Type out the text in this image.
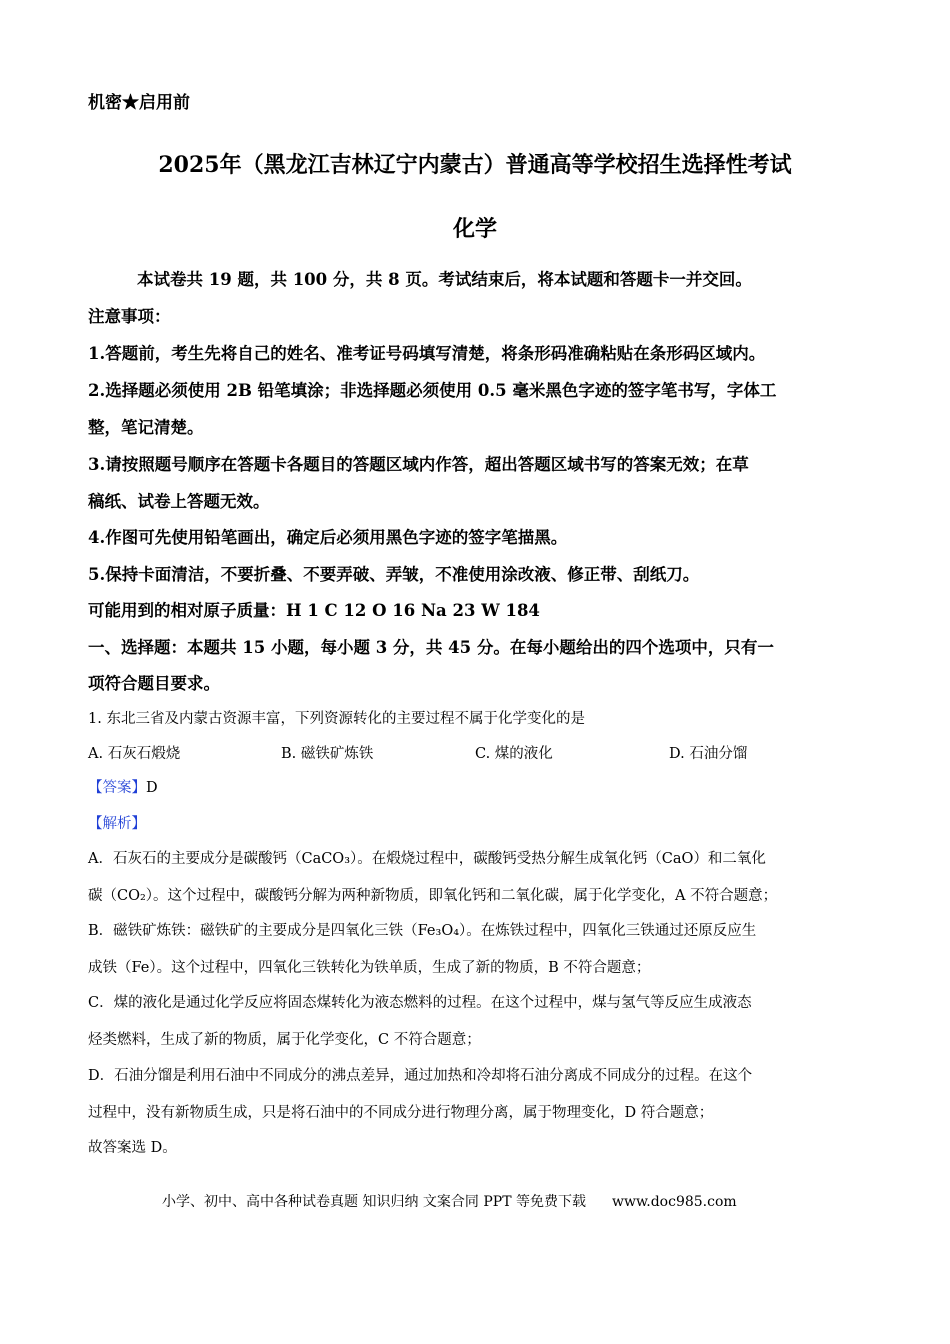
机密★启用前
2025年（黑龙江吉林辽宁内蒙古）普通高等学校招生选择性考试
化学
本试卷共 19 题，共 100 分，共 8 页。考试结束后，将本试题和答题卡一并交回。
注意事项：
1.答题前，考生先将自己的姓名、准考证号码填写清楚，将条形码准确粘贴在条形码区域内。
2.选择题必须使用 2B 铅笔填涂；非选择题必须使用 0.5 毫米黑色字迹的签字笔书写，字体工
整，笔记清楚。
3.请按照题号顺序在答题卡各题目的答题区域内作答，超出答题区域书写的答案无效；在草
稿纸、试卷上答题无效。
4.作图可先使用铅笔画出，确定后必须用黑色字迹的签字笔描黑。
5.保持卡面清洁，不要折叠、不要弄破、弄皱，不准使用涂改液、修正带、刮纸刀。
可能用到的相对原子质量：H 1 C 12 O 16 Na 23 W 184
一、选择题：本题共 15 小题，每小题 3 分，共 45 分。在每小题给出的四个选项中，只有一
项符合题目要求。
1. 东北三省及内蒙古资源丰富，下列资源转化的主要过程不属于化学变化的是
A. 石灰石煅烧	B. 磁铁矿炼铁	C. 煤的液化	D. 石油分馏
【答案】D
【解析】
A．石灰石的主要成分是碳酸钙（CaCO₃）。在煅烧过程中，碳酸钙受热分解生成氧化钙（CaO）和二氧化
碳（CO₂）。这个过程中，碳酸钙分解为两种新物质，即氧化钙和二氧化碳，属于化学变化，A 不符合题意；
B．磁铁矿炼铁：磁铁矿的主要成分是四氧化三铁（Fe₃O₄）。在炼铁过程中，四氧化三铁通过还原反应生
成铁（Fe）。这个过程中，四氧化三铁转化为铁单质，生成了新的物质，B 不符合题意；
C．煤的液化是通过化学反应将固态煤转化为液态燃料的过程。在这个过程中，煤与氢气等反应生成液态
烃类燃料，生成了新的物质，属于化学变化，C 不符合题意；
D．石油分馏是利用石油中不同成分的沸点差异，通过加热和冷却将石油分离成不同成分的过程。在这个
过程中，没有新物质生成，只是将石油中的不同成分进行物理分离，属于物理变化，D 符合题意；
故答案选 D。
小学、初中、高中各种试卷真题 知识归纳 文案合同 PPT 等免费下载 www.doc985.com
